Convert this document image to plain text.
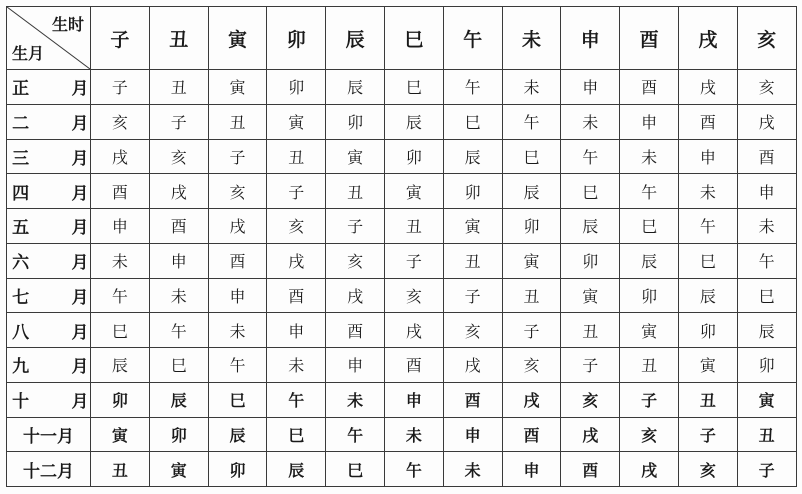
生时
生月	子	丑	寅	卯	辰	巳	午	未	申	酉	戌	亥
正  月	子	丑	寅	卯	辰	巳	午	未	申	酉	戌	亥
二  月	亥	子	丑	寅	卯	辰	巳	午	未	申	酉	戌
三  月	戌	亥	子	丑	寅	卯	辰	巳	午	未	申	酉
四  月	酉	戌	亥	子	丑	寅	卯	辰	巳	午	未	申
五  月	申	酉	戌	亥	子	丑	寅	卯	辰	巳	午	未
六  月	未	申	酉	戌	亥	子	丑	寅	卯	辰	巳	午
七  月	午	未	申	酉	戌	亥	子	丑	寅	卯	辰	巳
八  月	巳	午	未	申	酉	戌	亥	子	丑	寅	卯	辰
九  月	辰	巳	午	未	申	酉	戌	亥	子	丑	寅	卯
十  月	卯	辰	巳	午	未	申	酉	戌	亥	子	丑	寅
十一月	寅	卯	辰	巳	午	未	申	酉	戌	亥	子	丑
十二月	丑	寅	卯	辰	巳	午	未	申	酉	戌	亥	子
